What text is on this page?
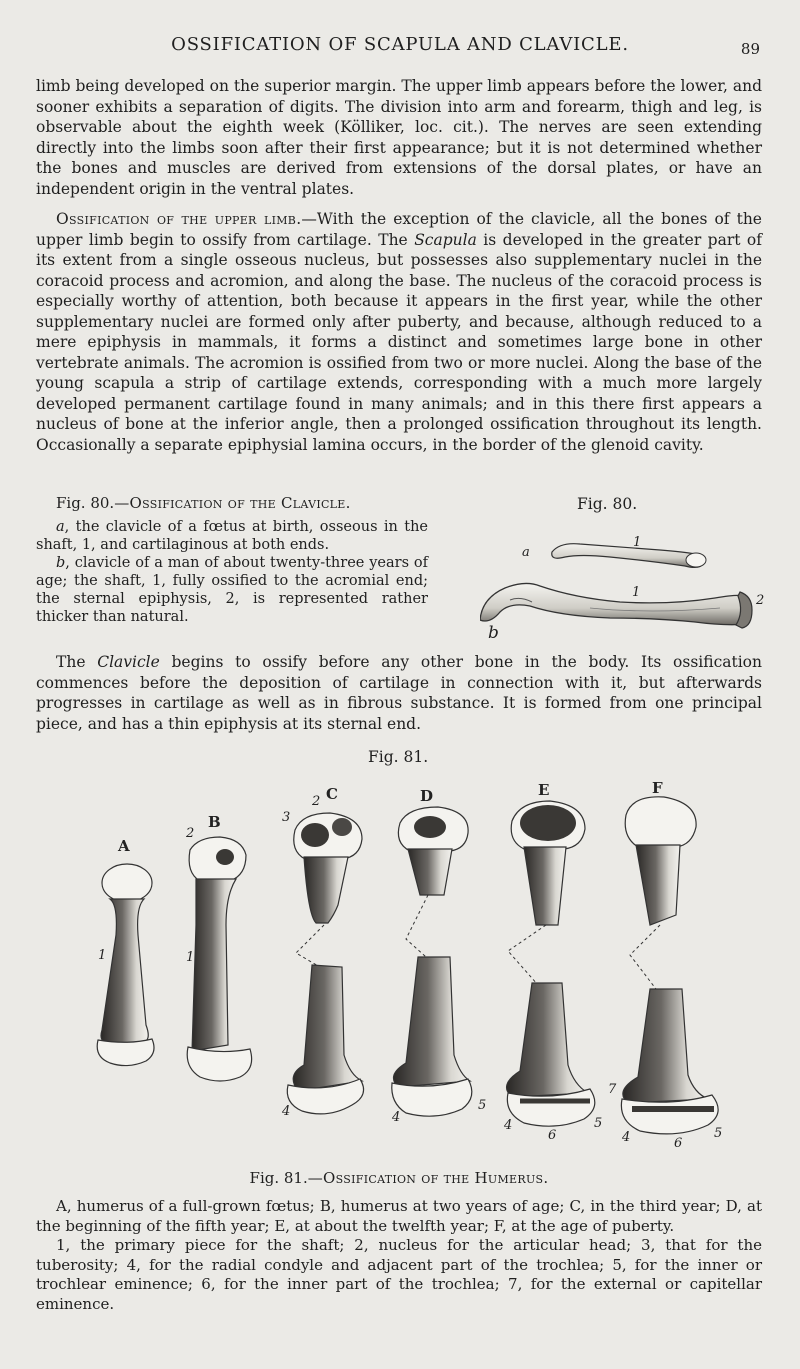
OSSIFICATION OF SCAPULA AND CLAVICLE.	89

limb being developed on the superior margin. The upper limb appears before the lower, and sooner exhibits a separation of digits. The division into arm and forearm, thigh and leg, is observable about the eighth week (Kölliker, loc. cit.). The nerves are seen extending directly into the limbs soon after their first appearance; but it is not determined whether the bones and muscles are derived from extensions of the dorsal plates, or have an independent origin in the ventral plates.

Ossification of the upper limb.—With the exception of the clavicle, all the bones of the upper limb begin to ossify from cartilage. The Scapula is developed in the greater part of its extent from a single osseous nucleus, but possesses also supplementary nuclei in the coracoid process and acromion, and along the base. The nucleus of the coracoid process is especially worthy of attention, both because it appears in the first year, while the other supplementary nuclei are formed only after puberty, and because, although reduced to a mere epiphysis in mammals, it forms a distinct and sometimes large bone in other vertebrate animals. The acromion is ossified from two or more nuclei. Along the base of the young scapula a strip of cartilage extends, corresponding with a much more largely developed permanent cartilage found in many animals; and in this there first appears a nucleus of bone at the inferior angle, then a prolonged ossification throughout its length. Occasionally a separate epiphysial lamina occurs, in the border of the glenoid cavity.

Fig. 80.—Ossification of the Clavicle.

a, the clavicle of a fœtus at birth, osseous in the shaft, 1, and cartilaginous at both ends.

b, clavicle of a man of about twenty-three years of age; the shaft, 1, fully ossified to the acromial end; the sternal epiphysis, 2, is represented rather thicker than natural.

Fig. 80.
a
1
b
1
2

The Clavicle begins to ossify before any other bone in the body. Its ossification commences before the deposition of cartilage in connection with it, but afterwards progresses in cartilage as well as in fibrous substance. It is formed from one principal piece, and has a thin epiphysis at its sternal end.

Fig. 81.
A
B
C	D	E	F
1
2
1
2
3
4	4
5
4
6
5
7
4	6
5
Fig. 81.—Ossification of the Humerus.

A, humerus of a full-grown fœtus; B, humerus at two years of age; C, in the third year; D, at the beginning of the fifth year; E, at about the twelfth year; F, at the age of puberty.

1, the primary piece for the shaft; 2, nucleus for the articular head; 3, that for the tuberosity; 4, for the radial condyle and adjacent part of the trochlea; 5, for the inner or trochlear eminence; 6, for the inner part of the trochlea; 7, for the external or capitellar eminence.
